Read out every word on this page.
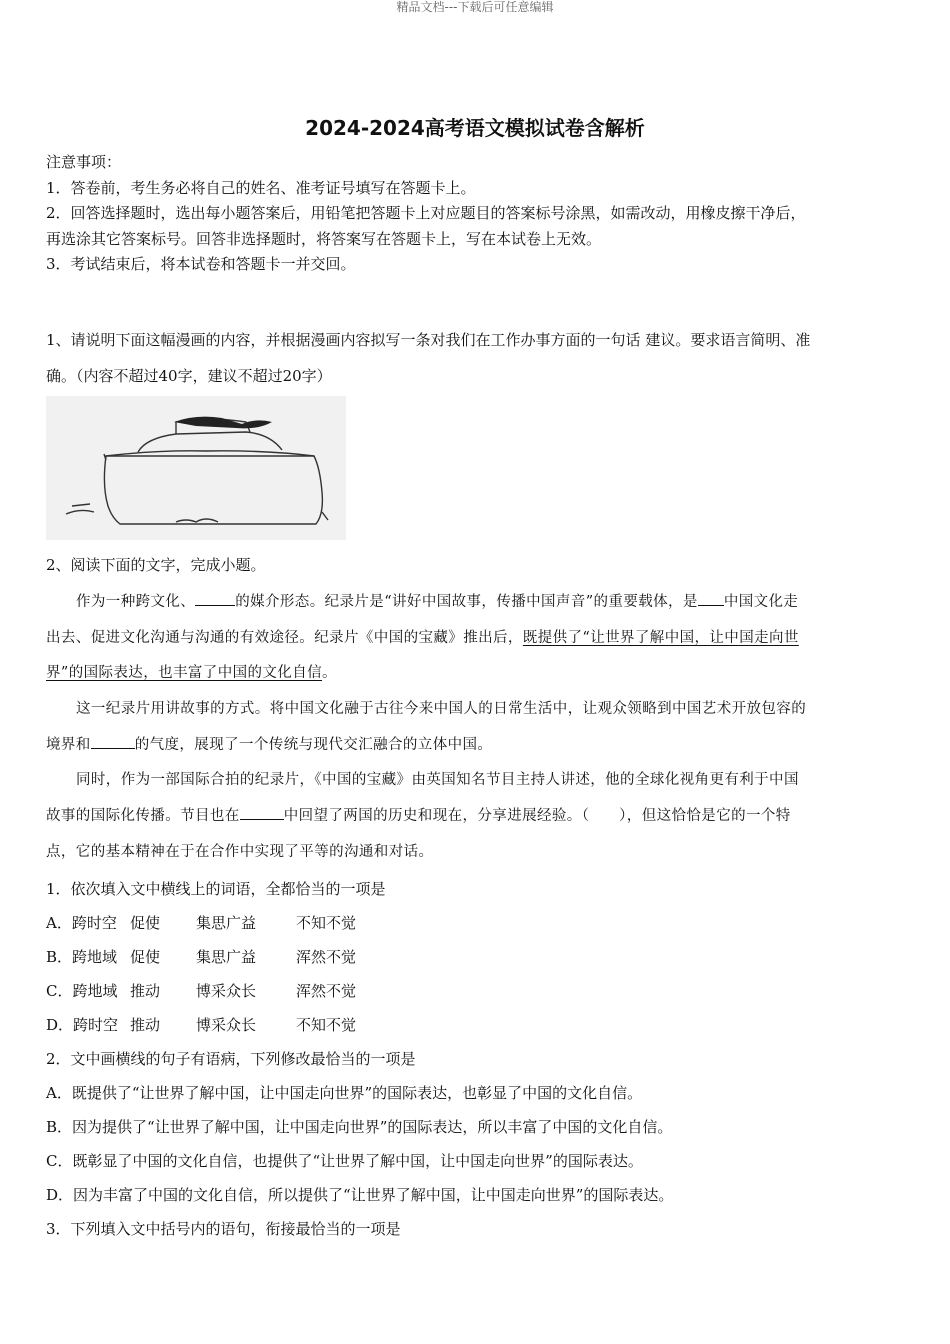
精品文档---下载后可任意编辑
2024-2024高考语文模拟试卷含解析
注意事项：
1．答卷前，考生务必将自己的姓名、准考证号填写在答题卡上。
2．回答选择题时，选出每小题答案后，用铅笔把答题卡上对应题目的答案标号涂黑，如需改动，用橡皮擦干净后，
再选涂其它答案标号。回答非选择题时，将答案写在答题卡上，写在本试卷上无效。
3．考试结束后，将本试卷和答题卡一并交回。
1、请说明下面这幅漫画的内容，并根据漫画内容拟写一条对我们在工作办事方面的一句话 建议。要求语言简明、准
确。（内容不超过40字，建议不超过20字）
2、阅读下面的文字，完成小题。
作为一种跨文化、	的媒介形态。纪录片是“讲好中国故事，传播中国声音”的重要载体，是 中国文化走
出去、促进文化沟通与沟通的有效途径。纪录片《中国的宝藏》推出后，既提供了“让世界了解中国，让中国走向世
界”的国际表达，也丰富了中国的文化自信。
这一纪录片用讲故事的方式。将中国文化融于古往今来中国人的日常生活中，让观众领略到中国艺术开放包容的
境界和	的气度，展现了一个传统与现代交汇融合的立体中国。
同时，作为一部国际合拍的纪录片，《中国的宝藏》由英国知名节目主持人讲述，他的全球化视角更有利于中国
故事的国际化传播。节目也在	中回望了两国的历史和现在，分享进展经验。（　　），但这恰恰是它的一个特
点，它的基本精神在于在合作中实现了平等的沟通和对话。
1．依次填入文中横线上的词语，全都恰当的一项是
A．跨时空 促使 集思广益	不知不觉
B．跨地域 促使 集思广益	浑然不觉
C．跨地域 推动 博采众长	浑然不觉
D．跨时空 推动 博采众长	不知不觉
2．文中画横线的句子有语病，下列修改最恰当的一项是
A．既提供了“让世界了解中国，让中国走向世界”的国际表达，也彰显了中国的文化自信。
B．因为提供了“让世界了解中国，让中国走向世界”的国际表达，所以丰富了中国的文化自信。
C．既彰显了中国的文化自信，也提供了“让世界了解中国，让中国走向世界”的国际表达。
D．因为丰富了中国的文化自信，所以提供了“让世界了解中国，让中国走向世界”的国际表达。
3．下列填入文中括号内的语句，衔接最恰当的一项是
